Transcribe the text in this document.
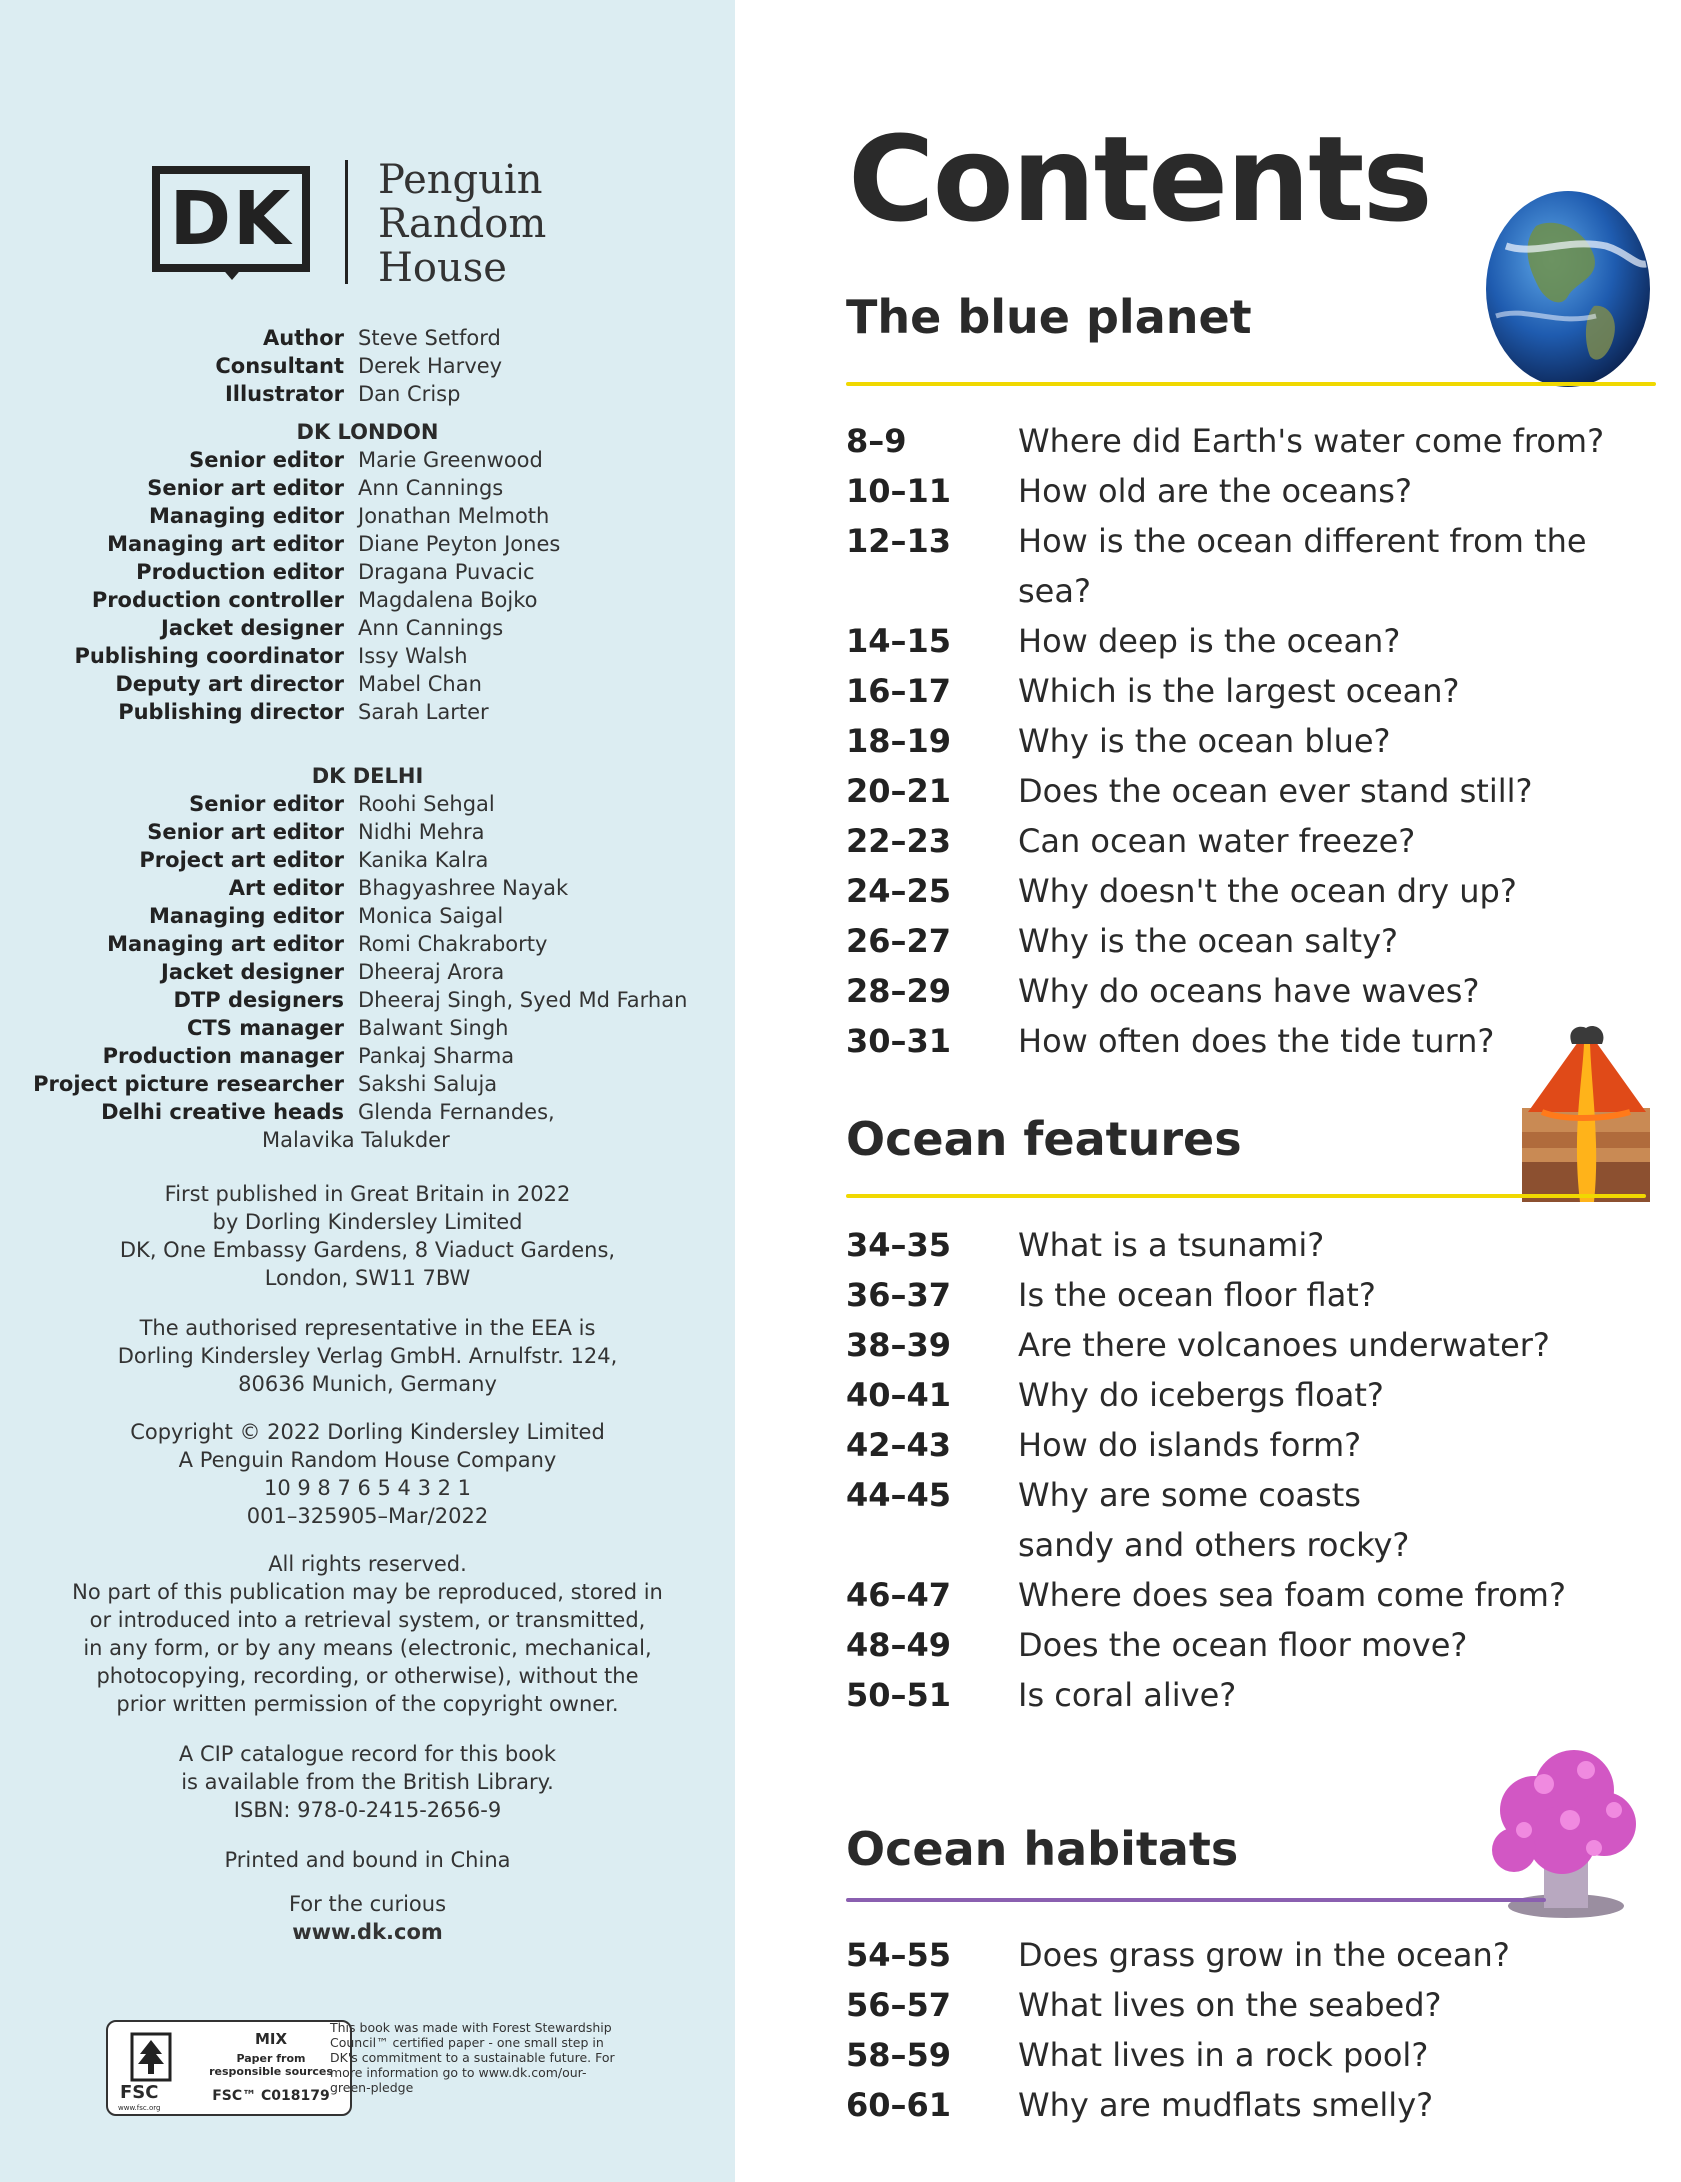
DK Penguin
Random
House
Author Steve Setford
Consultant Derek Harvey
Illustrator Dan Crisp
DK LONDON
Senior editor Marie Greenwood
Senior art editor Ann Cannings
Managing editor Jonathan Melmoth
Managing art editor Diane Peyton Jones
Production editor Dragana Puvacic
Production controller Magdalena Bojko
Jacket designer Ann Cannings
Publishing coordinator Issy Walsh
Deputy art director Mabel Chan
Publishing director Sarah Larter
DK DELHI
Senior editor Roohi Sehgal
Senior art editor Nidhi Mehra
Project art editor Kanika Kalra
Art editor Bhagyashree Nayak
Managing editor Monica Saigal
Managing art editor Romi Chakraborty
Jacket designer Dheeraj Arora
DTP designers Dheeraj Singh, Syed Md Farhan
CTS manager Balwant Singh
Production manager Pankaj Sharma
Project picture researcher Sakshi Saluja
Delhi creative heads Glenda Fernandes,
Malavika Talukder

First published in Great Britain in 2022

by Dorling Kindersley Limited

DK, One Embassy Gardens, 8 Viaduct Gardens,

London, SW11 7BW

The authorised representative in the EEA is

Dorling Kindersley Verlag GmbH. Arnulfstr. 124,

80636 Munich, Germany

Copyright © 2022 Dorling Kindersley Limited

A Penguin Random House Company

10 9 8 7 6 5 4 3 2 1

001–325905–Mar/2022

All rights reserved.

No part of this publication may be reproduced, stored in

or introduced into a retrieval system, or transmitted,

in any form, or by any means (electronic, mechanical,

photocopying, recording, or otherwise), without the

prior written permission of the copyright owner.

A CIP catalogue record for this book

is available from the British Library.

ISBN: 978-0-2415-2656-9

Printed and bound in China

For the curious

www.dk.com

FSC
www.fsc.org
MIX
Paper from
responsible sources
FSC™ C018179
This book was made with Forest Stewardship Council™ certified paper - one small step in DK's commitment to a sustainable future. For more information go to www.dk.com/our-green-pledge
Contents
The blue planet
8–9	Where did Earth's water come from?
10–11	How old are the oceans?
12–13	How is the ocean different from the sea?
14–15	How deep is the ocean?
16–17	Which is the largest ocean?
18–19	Why is the ocean blue?
20–21	Does the ocean ever stand still?
22–23	Can ocean water freeze?
24–25	Why doesn't the ocean dry up?
26–27	Why is the ocean salty?
28–29	Why do oceans have waves?
30–31	How often does the tide turn?
Ocean features
34–35	What is a tsunami?
36–37	Is the ocean floor flat?
38–39	Are there volcanoes underwater?
40–41	Why do icebergs float?
42–43	How do islands form?
44–45	Why are some coasts
sandy and others rocky?
46–47	Where does sea foam come from?
48–49	Does the ocean floor move?
50–51	Is coral alive?
Ocean habitats
54–55	Does grass grow in the ocean?
56–57	What lives on the seabed?
58–59	What lives in a rock pool?
60–61	Why are mudflats smelly?
